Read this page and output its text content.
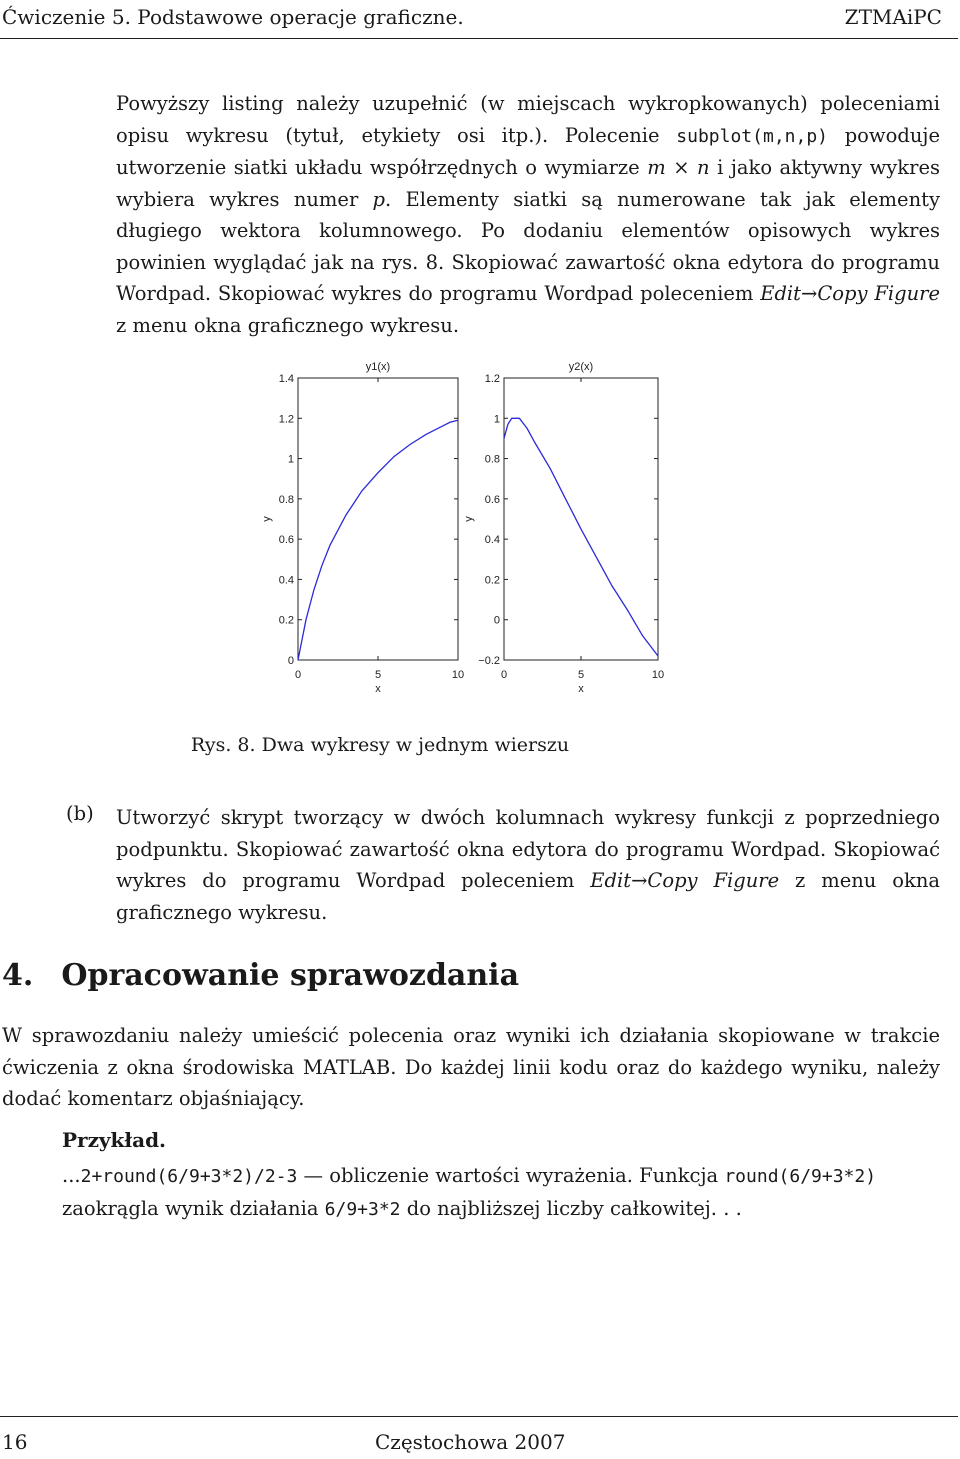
Ćwiczenie 5. Podstawowe operacje graficzne.	ZTMAiPC
Powyższy listing należy uzupełnić (w miejscach wykropkowanych) poleceniami opisu wykresu (tytuł, etykiety osi itp.). Polecenie subplot(m,n,p) powoduje utworzenie siatki układu współrzędnych o wymiarze m × n i jako aktywny wykres wybiera wykres numer p. Elementy siatki są numerowane tak jak elementy długiego wektora kolumnowego. Po dodaniu elementów opisowych wykres powinien wyglądać jak na rys. 8. Skopiować zawartość okna edytora do programu Wordpad. Skopiować wykres do programu Wordpad poleceniem Edit→Copy Figure z menu okna graficznego wykresu.
0
0.2
0.4
0.6
0.8
1
1.2
1.4
0	5	10
y1(x)
x
y
−0.2
0
0.2
0.4
0.6
0.8
1
1.2
0	5	10
y2(x)
x
y
Rys. 8. Dwa wykresy w jednym wierszu
(b) Utworzyć skrypt tworzący w dwóch kolumnach wykresy funkcji z poprzedniego podpunktu. Skopiować zawartość okna edytora do programu Wordpad. Skopiować wykres do programu Wordpad poleceniem Edit→Copy Figure z menu okna graficznego wykresu.
4. Opracowanie sprawozdania
W sprawozdaniu należy umieścić polecenia oraz wyniki ich działania skopiowane w trakcie ćwiczenia z okna środowiska MATLAB. Do każdej linii kodu oraz do każdego wyniku, należy dodać komentarz objaśniający.
Przykład.
...2+round(6/9+3*2)/2-3 — obliczenie wartości wyrażenia. Funkcja round(6/9+3*2)
zaokrągla wynik działania 6/9+3*2 do najbliższej liczby całkowitej. . .
16	Częstochowa 2007
